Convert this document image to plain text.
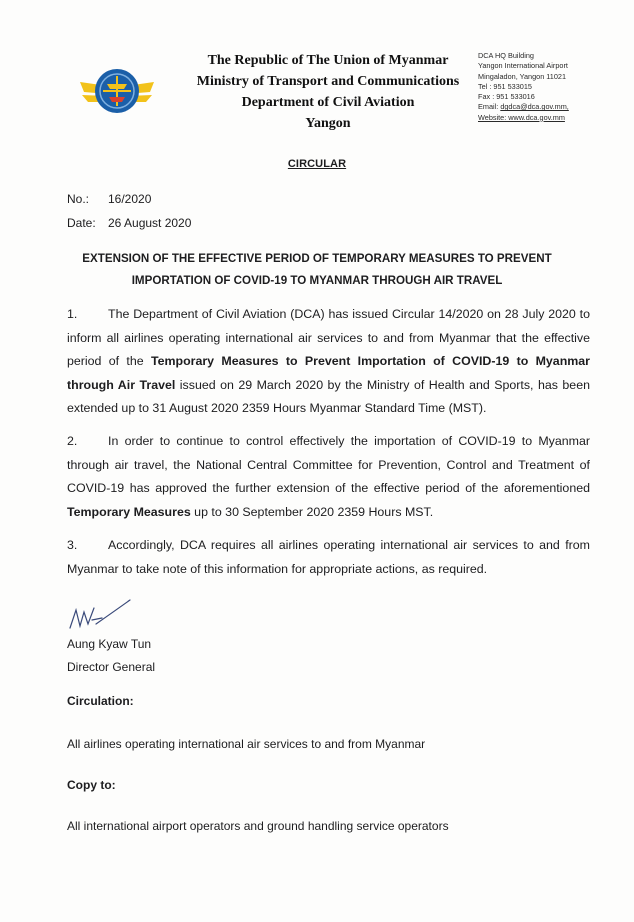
The Republic of The Union of Myanmar
Ministry of Transport and Communications
Department of Civil Aviation
Yangon
DCA HQ Building
Yangon International Airport
Mingaladon, Yangon 11021
Tel : 951 533015
Fax : 951 533016
Email: dgdca@dca.gov.mm,
Website: www.dca.gov.mm
CIRCULAR
No.: 16/2020
Date: 26 August 2020
EXTENSION OF THE EFFECTIVE PERIOD OF TEMPORARY MEASURES TO PREVENT
IMPORTATION OF COVID-19 TO MYANMAR THROUGH AIR TRAVEL

1. The Department of Civil Aviation (DCA) has issued Circular 14/2020 on 28 July 2020 to inform all airlines operating international air services to and from Myanmar that the effective period of the Temporary Measures to Prevent Importation of COVID-19 to Myanmar through Air Travel issued on 29 March 2020 by the Ministry of Health and Sports, has been extended up to 31 August 2020 2359 Hours Myanmar Standard Time (MST).

2. In order to continue to control effectively the importation of COVID-19 to Myanmar through air travel, the National Central Committee for Prevention, Control and Treatment of COVID-19 has approved the further extension of the effective period of the aforementioned Temporary Measures up to 30 September 2020 2359 Hours MST.

3. Accordingly, DCA requires all airlines operating international air services to and from Myanmar to take note of this information for appropriate actions, as required.

Aung Kyaw Tun
Director General
Circulation:
All airlines operating international air services to and from Myanmar
Copy to:
All international airport operators and ground handling service operators
